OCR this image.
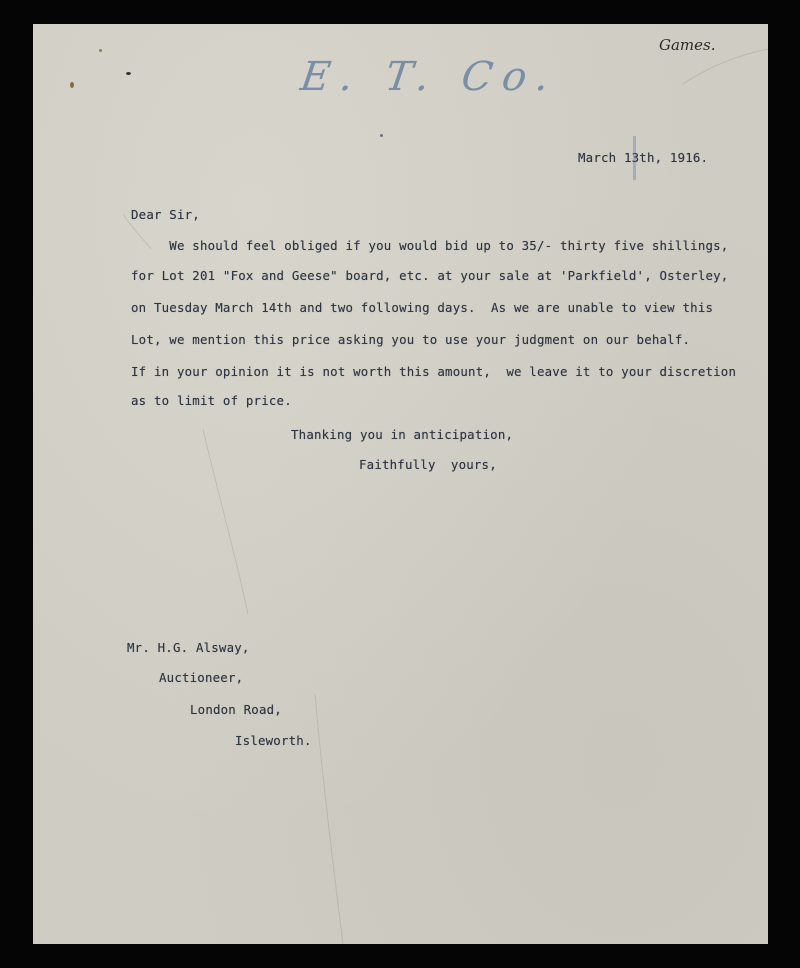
Games.
E. T. Co.
March 13th, 1916.
Dear Sir,
We should feel obliged if you would bid up to 35/- thirty five shillings,
for Lot 201 "Fox and Geese" board, etc. at your sale at 'Parkfield', Osterley,
on Tuesday March 14th and two following days.  As we are unable to view this
Lot, we mention this price asking you to use your judgment on our behalf.
If in your opinion it is not worth this amount,  we leave it to your discretion
as to limit of price.
Thanking you in anticipation,
Faithfully  yours,
Mr. H.G. Alsway,
Auctioneer,
London Road,
Isleworth.
